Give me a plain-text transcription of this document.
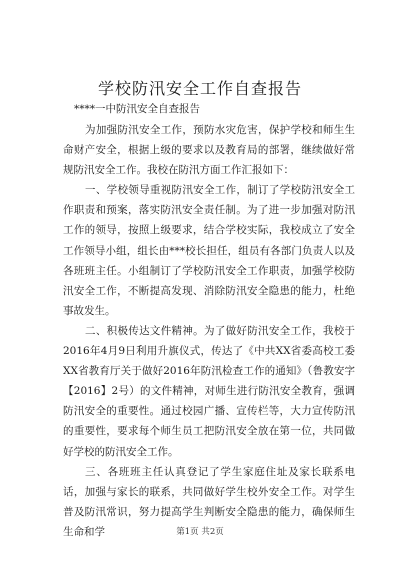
学校防汛安全工作自查报告
****一中防汛安全自查报告

为加强防汛安全工作，预防水灾危害，保护学校和师生生命财产安全，根据上级的要求以及教育局的部署，继续做好常规防汛安全工作。我校在防汛方面工作汇报如下：

一、学校领导重视防汛安全工作，制订了学校防汛安全工作职责和预案，落实防汛安全责任制。为了进一步加强对防汛工作的领导，按照上级要求，结合学校实际，我校成立了安全工作领导小组，组长由***校长担任，组员有各部门负责人以及各班班主任。小组制订了学校防汛安全工作职责，加强学校防汛安全工作，不断提高发现、消除防汛安全隐患的能力，杜绝事故发生。

二、积极传达文件精神。为了做好防汛安全工作，我校于2016年4月9日利用升旗仪式，传达了《中共XX省委高校工委XX省教育厅关于做好2016年防汛检查工作的通知》（鲁教安字【2016】2号）的文件精神，对师生进行防汛安全教育，强调防汛安全的重要性。通过校园广播、宣传栏等，大力宣传防汛的重要性，要求每个师生员工把防汛安全放在第一位，共同做好学校的防汛安全工作。

三、各班班主任认真登记了学生家庭住址及家长联系电话，加强与家长的联系，共同做好学生校外安全工作。对学生普及防汛常识，努力提高学生判断安全隐患的能力，确保师生生命和学	第1页 共2页
